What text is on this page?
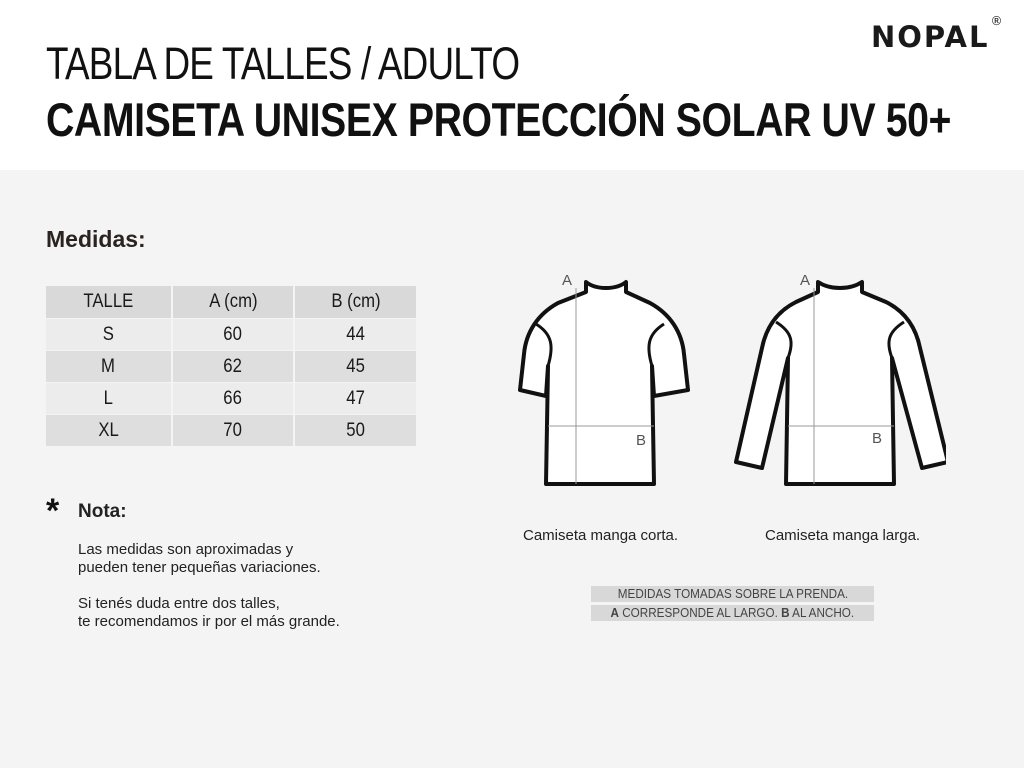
NOPAL ®
TABLA DE TALLES / ADULTO
CAMISETA UNISEX PROTECCIÓN SOLAR UV 50+
Medidas:
TALLE	A (cm)	B (cm)
S	60	44
M	62	45
L	66	47
XL	70	50
* Nota:
Las medidas son aproximadas y
pueden tener pequeñas variaciones.
Si tenés duda entre dos talles,
te recomendamos ir por el más grande.
A
B
A
B
Camiseta manga corta.	Camiseta manga larga.
MEDIDAS TOMADAS SOBRE LA PRENDA.
A CORRESPONDE AL LARGO. B AL ANCHO.
